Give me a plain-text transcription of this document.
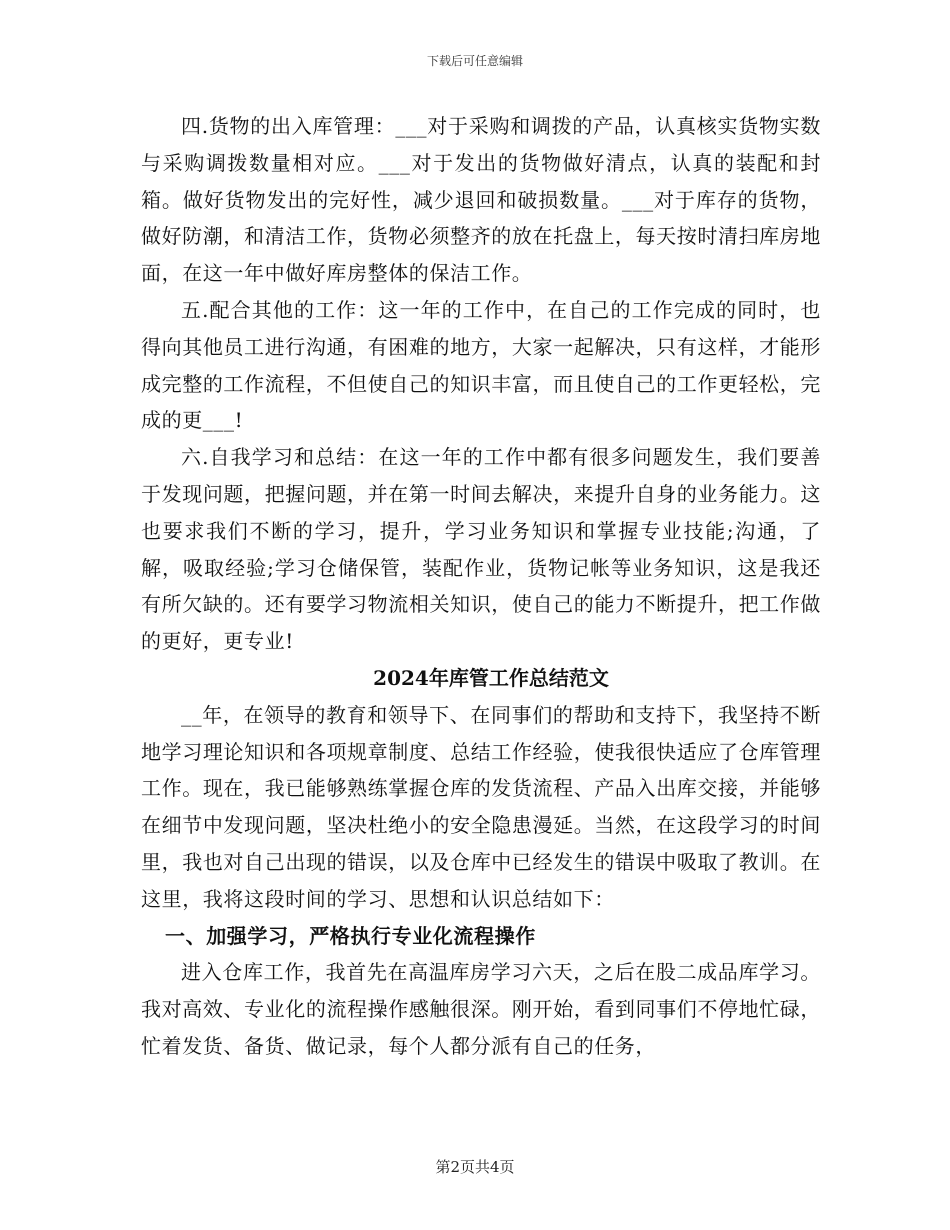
下载后可任意编辑

四.货物的出入库管理：___对于采购和调拨的产品，认真核实货物实数与采购调拨数量相对应。___对于发出的货物做好清点，认真的装配和封箱。做好货物发出的完好性，减少退回和破损数量。___对于库存的货物，做好防潮，和清洁工作，货物必须整齐的放在托盘上，每天按时清扫库房地面，在这一年中做好库房整体的保洁工作。

五.配合其他的工作：这一年的工作中，在自己的工作完成的同时，也得向其他员工进行沟通，有困难的地方，大家一起解决，只有这样，才能形成完整的工作流程，不但使自己的知识丰富，而且使自己的工作更轻松，完成的更___!

六.自我学习和总结：在这一年的工作中都有很多问题发生，我们要善于发现问题，把握问题，并在第一时间去解决，来提升自身的业务能力。这也要求我们不断的学习，提升，学习业务知识和掌握专业技能;沟通，了解，吸取经验;学习仓储保管，装配作业，货物记帐等业务知识，这是我还有所欠缺的。还有要学习物流相关知识，使自己的能力不断提升，把工作做的更好，更专业!

2024年库管工作总结范文

__年，在领导的教育和领导下、在同事们的帮助和支持下，我坚持不断地学习理论知识和各项规章制度、总结工作经验，使我很快适应了仓库管理工作。现在，我已能够熟练掌握仓库的发货流程、产品入出库交接，并能够在细节中发现问题，坚决杜绝小的安全隐患漫延。当然，在这段学习的时间里，我也对自己出现的错误，以及仓库中已经发生的错误中吸取了教训。在这里，我将这段时间的学习、思想和认识总结如下：

一、加强学习，严格执行专业化流程操作

进入仓库工作，我首先在高温库房学习六天，之后在股二成品库学习。我对高效、专业化的流程操作感触很深。刚开始，看到同事们不停地忙碌，忙着发货、备货、做记录，每个人都分派有自己的任务，

第2页共4页
